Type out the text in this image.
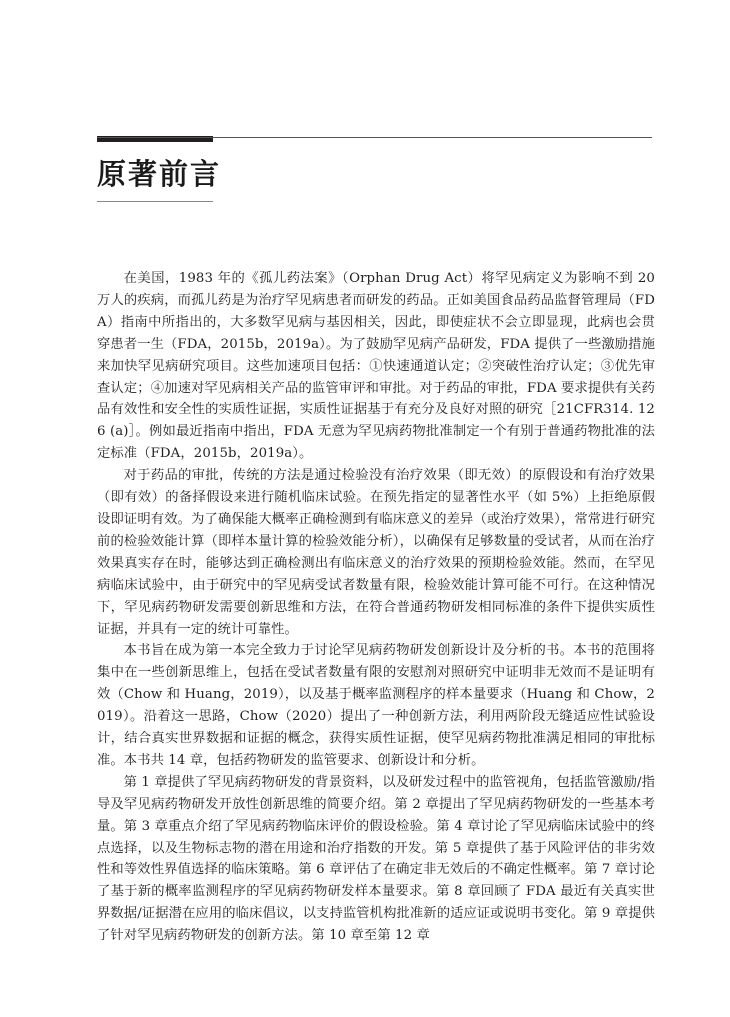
原著前言

在美国，1983 年的《孤儿药法案》（Orphan Drug Act）将罕见病定义为影响不到 20 万人的疾病，而孤儿药是为治疗罕见病患者而研发的药品。正如美国食品药品监督管理局（FDA）指南中所指出的，大多数罕见病与基因相关，因此，即使症状不会立即显现，此病也会贯穿患者一生（FDA，2015b，2019a）。为了鼓励罕见病产品研发，FDA 提供了一些激励措施来加快罕见病研究项目。这些加速项目包括：①快速通道认定；②突破性治疗认定；③优先审查认定；④加速对罕见病相关产品的监管审评和审批。对于药品的审批，FDA 要求提供有关药品有效性和安全性的实质性证据，实质性证据基于有充分及良好对照的研究［21CFR314. 126 (a)］。例如最近指南中指出，FDA 无意为罕见病药物批准制定一个有别于普通药物批准的法定标准（FDA，2015b，2019a）。

对于药品的审批，传统的方法是通过检验没有治疗效果（即无效）的原假设和有治疗效果（即有效）的备择假设来进行随机临床试验。在预先指定的显著性水平（如 5%）上拒绝原假设即证明有效。为了确保能大概率正确检测到有临床意义的差异（或治疗效果），常常进行研究前的检验效能计算（即样本量计算的检验效能分析），以确保有足够数量的受试者，从而在治疗效果真实存在时，能够达到正确检测出有临床意义的治疗效果的预期检验效能。然而，在罕见病临床试验中，由于研究中的罕见病受试者数量有限，检验效能计算可能不可行。在这种情况下，罕见病药物研发需要创新思维和方法，在符合普通药物研发相同标准的条件下提供实质性证据，并具有一定的统计可靠性。

本书旨在成为第一本完全致力于讨论罕见病药物研发创新设计及分析的书。本书的范围将集中在一些创新思维上，包括在受试者数量有限的安慰剂对照研究中证明非无效而不是证明有效（Chow 和 Huang，2019），以及基于概率监测程序的样本量要求（Huang 和 Chow，2019）。沿着这一思路，Chow（2020）提出了一种创新方法，利用两阶段无缝适应性试验设计，结合真实世界数据和证据的概念，获得实质性证据，使罕见病药物批准满足相同的审批标准。本书共 14 章，包括药物研发的监管要求、创新设计和分析。

第 1 章提供了罕见病药物研发的背景资料，以及研发过程中的监管视角，包括监管激励/指导及罕见病药物研发开放性创新思维的简要介绍。第 2 章提出了罕见病药物研发的一些基本考量。第 3 章重点介绍了罕见病药物临床评价的假设检验。第 4 章讨论了罕见病临床试验中的终点选择，以及生物标志物的潜在用途和治疗指数的开发。第 5 章提供了基于风险评估的非劣效性和等效性界值选择的临床策略。第 6 章评估了在确定非无效后的不确定性概率。第 7 章讨论了基于新的概率监测程序的罕见病药物研发样本量要求。第 8 章回顾了 FDA 最近有关真实世界数据/证据潜在应用的临床倡议，以支持监管机构批准新的适应证或说明书变化。第 9 章提供了针对罕见病药物研发的创新方法。第 10 章至第 12 章
